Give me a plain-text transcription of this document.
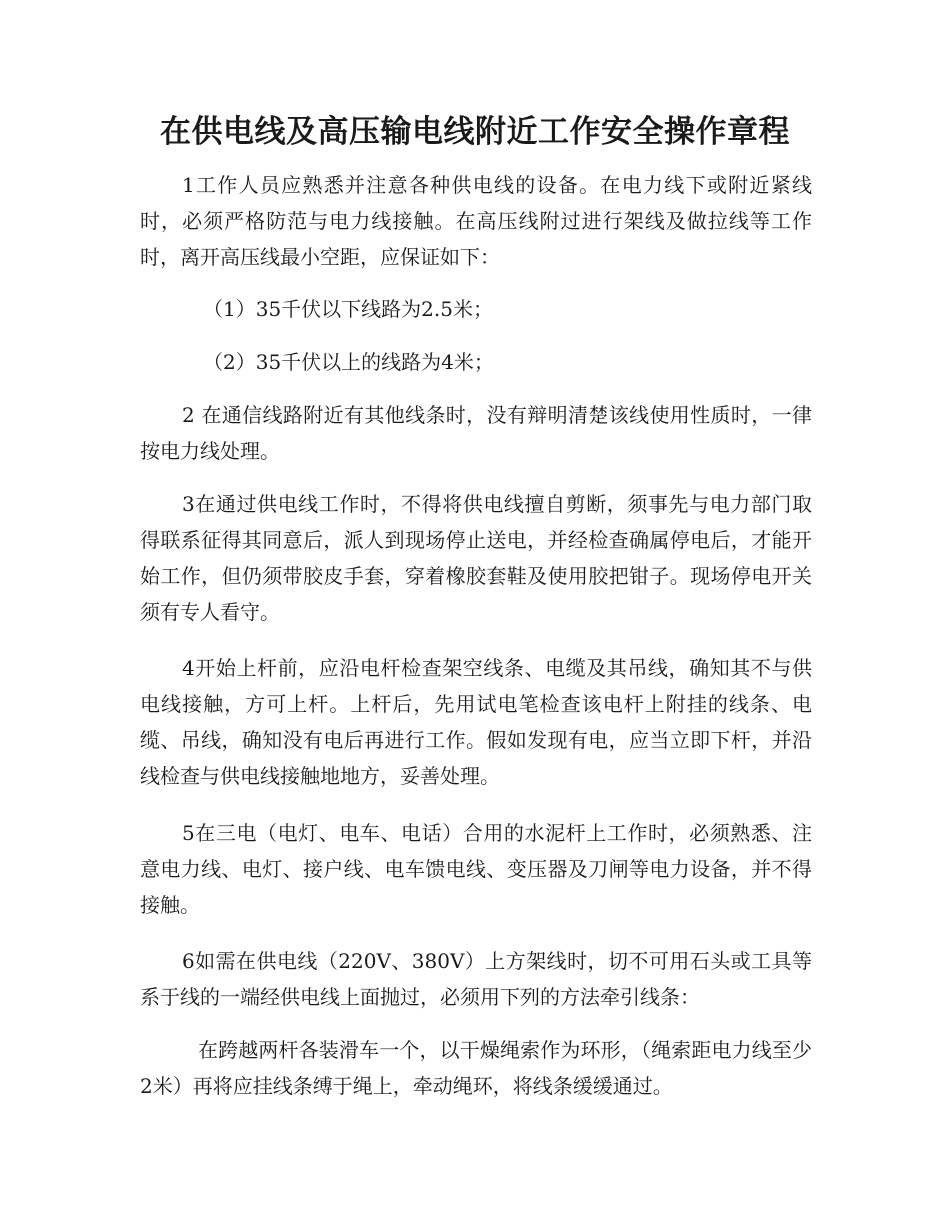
在供电线及高压输电线附近工作安全操作章程

1工作人员应熟悉并注意各种供电线的设备。在电力线下或附近紧线时，必须严格防范与电力线接触。在高压线附过进行架线及做拉线等工作时，离开高压线最小空距，应保证如下：

（1）35千伏以下线路为2.5米；

（2）35千伏以上的线路为4米；

2 在通信线路附近有其他线条时，没有辩明清楚该线使用性质时，一律按电力线处理。

3在通过供电线工作时，不得将供电线擅自剪断，须事先与电力部门取得联系征得其同意后，派人到现场停止送电，并经检查确属停电后，才能开始工作，但仍须带胶皮手套，穿着橡胶套鞋及使用胶把钳子。现场停电开关须有专人看守。

4开始上杆前，应沿电杆检查架空线条、电缆及其吊线，确知其不与供电线接触，方可上杆。上杆后，先用试电笔检查该电杆上附挂的线条、电缆、吊线，确知没有电后再进行工作。假如发现有电，应当立即下杆，并沿线检查与供电线接触地地方，妥善处理。

5在三电（电灯、电车、电话）合用的水泥杆上工作时，必须熟悉、注意电力线、电灯、接户线、电车馈电线、变压器及刀闸等电力设备，并不得接触。

6如需在供电线（220V、380V）上方架线时，切不可用石头或工具等系于线的一端经供电线上面抛过，必须用下列的方法牵引线条：

在跨越两杆各装滑车一个，以干燥绳索作为环形，（绳索距电力线至少2米）再将应挂线条缚于绳上，牵动绳环，将线条缓缓通过。
